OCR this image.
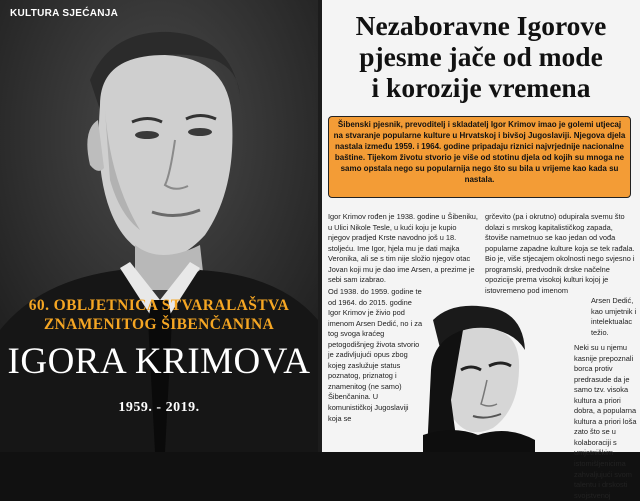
KULTURA SJEĆANJA
60. OBLJETNICA STVARALAŠTVA
ZNAMENITOG ŠIBENČANINA
IGORA KRIMOVA
1959. - 2019.
Nezaboravne Igorove
pjesme jače od mode
i korozije vremena
Šibenski pjesnik, prevoditelj i skladatelj Igor Krimov imao je golemi utjecaj na stvaranje popularne kulture u Hrvatskoj i bivšoj Jugoslaviji. Njegova djela nastala između 1959. i 1964. godine pripadaju riznici najvrjednije nacionalne baštine. Tijekom životu stvorio je više od stotinu djela od kojih su mnoga ne samo opstala nego su popularnija nego što su bila u vrijeme kao kada su nastala.

Igor Krimov rođen je 1938. godine u Šibeniku, u Ulici Nikole Tesle, u kući koju je kupio njegov pradjed Krste navodno još u 18. stoljeću. Ime Igor, hjela mu je dati majka Veronika, ali se s tim nije složio njegov otac Jovan koji mu je dao ime Arsen, a prezime je sebi sam izabrao.

Od 1938. do 1959. godine te od 1964. do 2015. godine Igor Krimov je živio pod imenom Arsen Dedić, no i za tog svoga kraćeg petogodišnjeg života stvorio je zadivljujući opus zbog kojeg zaslužuje status poznatog, priznatog i znamenitog (ne samo) Šibenčanina. U komunističkoj Jugoslaviji koja se

grčevito (pa i okrutno) odupirala svemu što dolazi s mrskog kapitalističkog zapada, štoviše nametnuo se kao jedan od vođa popularne zapadne kulture koja se tek rađala. Bio je, više stjecajem okolnosti nego svjesno i programski, predvodnik drske načelne opozicije prema visokoj kulturi kojoj je istovremeno pod imenom

Arsen Dedić, kao umjetnik i intelektualac težio.

Neki su u njemu kasnije prepoznali borca protiv predrasude da je samo tzv. visoka kultura a priori dobra, a popularna kultura a priori loša zato što se u kolaboraciji s umjetničkim istomišljenicima zahvaljujući svom talentu i drskosti svojstvenoj
